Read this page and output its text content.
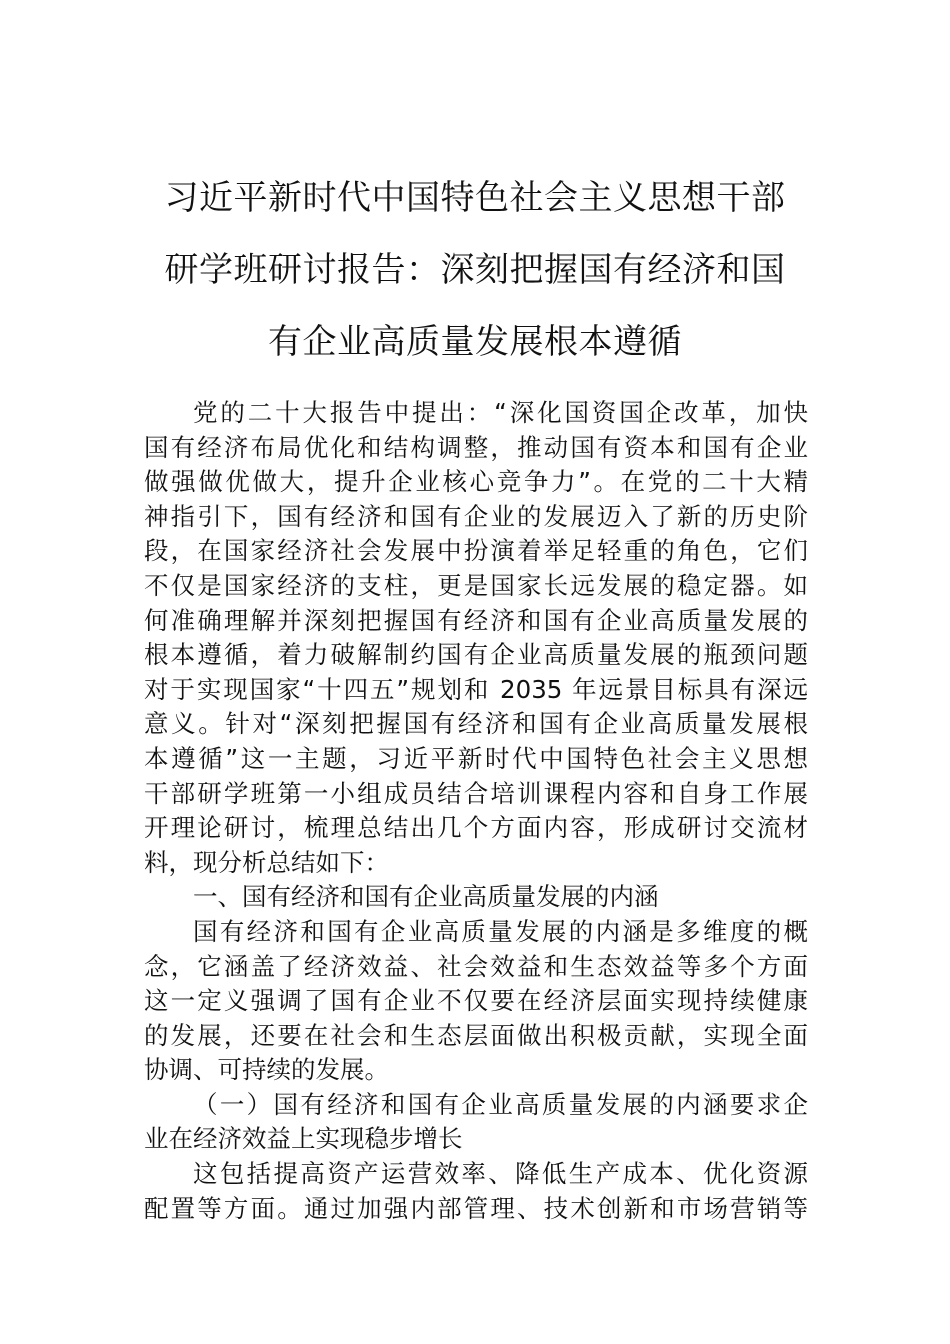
习近平新时代中国特色社会主义思想干部
研学班研讨报告：深刻把握国有经济和国
有企业高质量发展根本遵循
党的二十大报告中提出：“深化国资国企改革，加快
国有经济布局优化和结构调整，推动国有资本和国有企业
做强做优做大，提升企业核心竞争力”。在党的二十大精
神指引下，国有经济和国有企业的发展迈入了新的历史阶
段，在国家经济社会发展中扮演着举足轻重的角色，它们
不仅是国家经济的支柱，更是国家长远发展的稳定器。如
何准确理解并深刻把握国有经济和国有企业高质量发展的
根本遵循，着力破解制约国有企业高质量发展的瓶颈问题
对于实现国家“十四五”规划和 2035 年远景目标具有深远
意义。针对“深刻把握国有经济和国有企业高质量发展根
本遵循”这一主题，习近平新时代中国特色社会主义思想
干部研学班第一小组成员结合培训课程内容和自身工作展
开理论研讨，梳理总结出几个方面内容，形成研讨交流材
料，现分析总结如下：
一、国有经济和国有企业高质量发展的内涵
国有经济和国有企业高质量发展的内涵是多维度的概
念，它涵盖了经济效益、社会效益和生态效益等多个方面
这一定义强调了国有企业不仅要在经济层面实现持续健康
的发展，还要在社会和生态层面做出积极贡献，实现全面
协调、可持续的发展。
（一）国有经济和国有企业高质量发展的内涵要求企
业在经济效益上实现稳步增长
这包括提高资产运营效率、降低生产成本、优化资源
配置等方面。通过加强内部管理、技术创新和市场营销等
